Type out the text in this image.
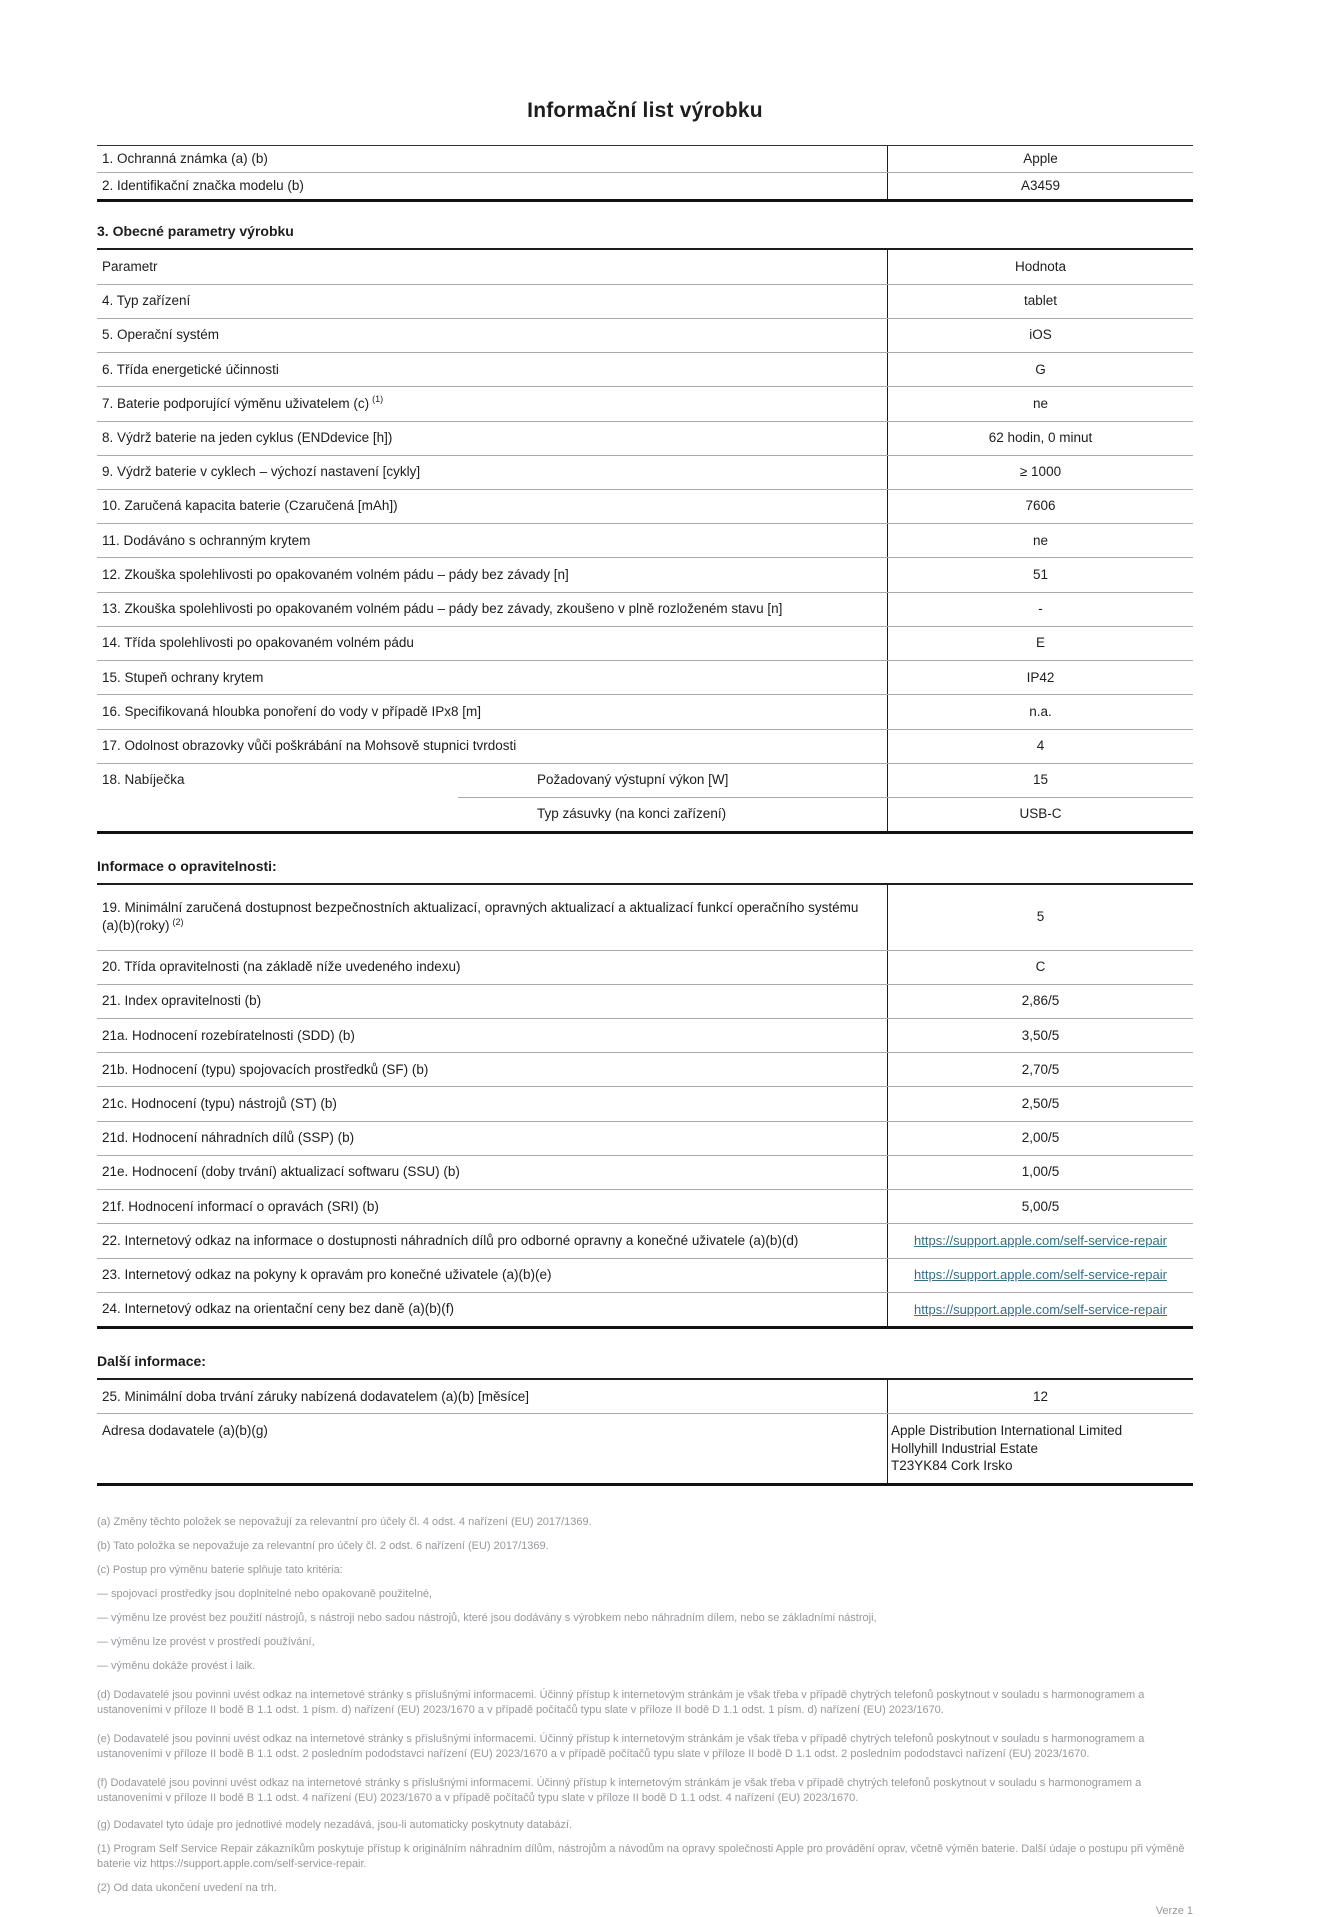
Informační list výrobku
1. Ochranná známka (a) (b)	Apple
2. Identifikační značka modelu (b)	A3459
3. Obecné parametry výrobku
Parametr	Hodnota
4. Typ zařízení	tablet
5. Operační systém	iOS
6. Třída energetické účinnosti	G
7. Baterie podporující výměnu uživatelem (c) $^{(1)}$	ne
8. Výdrž baterie na jeden cyklus (ENDdevice [h])	62 hodin, 0 minut
9. Výdrž baterie v cyklech – výchozí nastavení [cykly]	≥ 1000
10. Zaručená kapacita baterie (Czaručená [mAh])	7606
11. Dodáváno s ochranným krytem	ne
12. Zkouška spolehlivosti po opakovaném volném pádu – pády bez závady [n]	51
13. Zkouška spolehlivosti po opakovaném volném pádu – pády bez závady, zkoušeno v plně rozloženém stavu [n]	-
14. Třída spolehlivosti po opakovaném volném pádu	E
15. Stupeň ochrany krytem	IP42
16. Specifikovaná hloubka ponoření do vody v případě IPx8 [m]	n.a.
17. Odolnost obrazovky vůči poškrábání na Mohsově stupnici tvrdosti	4
18. Nabíječka	Požadovaný výstupní výkon [W]	15
Typ zásuvky (na konci zařízení)	USB-C
Informace o opravitelnosti:
19. Minimální zaručená dostupnost bezpečnostních aktualizací, opravných aktualizací a aktualizací funkcí operačního systému (a)(b)(roky) $^{(2)}$	5
20. Třída opravitelnosti (na základě níže uvedeného indexu)	C
21. Index opravitelnosti (b)	2,86/5
21a. Hodnocení rozebíratelnosti (SDD) (b)	3,50/5
21b. Hodnocení (typu) spojovacích prostředků (SF) (b)	2,70/5
21c. Hodnocení (typu) nástrojů (ST) (b)	2,50/5
21d. Hodnocení náhradních dílů (SSP) (b)	2,00/5
21e. Hodnocení (doby trvání) aktualizací softwaru (SSU) (b)	1,00/5
21f. Hodnocení informací o opravách (SRI) (b)	5,00/5
22. Internetový odkaz na informace o dostupnosti náhradních dílů pro odborné opravny a konečné uživatele (a)(b)(d)	https://support.apple.com/self-service-repair
23. Internetový odkaz na pokyny k opravám pro konečné uživatele (a)(b)(e)	https://support.apple.com/self-service-repair
24. Internetový odkaz na orientační ceny bez daně (a)(b)(f)	https://support.apple.com/self-service-repair
Další informace:
25. Minimální doba trvání záruky nabízená dodavatelem (a)(b) [měsíce]	12
Adresa dodavatele (a)(b)(g)	Apple Distribution International Limited
Hollyhill Industrial Estate
T23YK84 Cork Irsko
(a) Změny těchto položek se nepovažují za relevantní pro účely čl. 4 odst. 4 nařízení (EU) 2017/1369.
(b) Tato položka se nepovažuje za relevantní pro účely čl. 2 odst. 6 nařízení (EU) 2017/1369.
(c) Postup pro výměnu baterie splňuje tato kritéria:
— spojovací prostředky jsou doplnitelné nebo opakovaně použitelné,
— výměnu lze provést bez použití nástrojů, s nástroji nebo sadou nástrojů, které jsou dodávány s výrobkem nebo náhradním dílem, nebo se základními nástroji,
— výměnu lze provést v prostředí používání,
— výměnu dokáže provést i laik.
(d) Dodavatelé jsou povinni uvést odkaz na internetové stránky s příslušnými informacemi. Účinný přístup k internetovým stránkám je však třeba v případě chytrých telefonů poskytnout v souladu s harmonogramem a
ustanoveními v příloze II bodě B 1.1 odst. 1 písm. d) nařízení (EU) 2023/1670 a v případě počítačů typu slate v příloze II bodě D 1.1 odst. 1 písm. d) nařízení (EU) 2023/1670.
(e) Dodavatelé jsou povinni uvést odkaz na internetové stránky s příslušnými informacemi. Účinný přístup k internetovým stránkám je však třeba v případě chytrých telefonů poskytnout v souladu s harmonogramem a
ustanoveními v příloze II bodě B 1.1 odst. 2 posledním pododstavci nařízení (EU) 2023/1670 a v případě počítačů typu slate v příloze II bodě D 1.1 odst. 2 posledním pododstavci nařízení (EU) 2023/1670.
(f) Dodavatelé jsou povinni uvést odkaz na internetové stránky s příslušnými informacemi. Účinný přístup k internetovým stránkám je však třeba v případě chytrých telefonů poskytnout v souladu s harmonogramem a
ustanoveními v příloze II bodě B 1.1 odst. 4 nařízení (EU) 2023/1670 a v případě počítačů typu slate v příloze II bodě D 1.1 odst. 4 nařízení (EU) 2023/1670.
(g) Dodavatel tyto údaje pro jednotlivé modely nezadává, jsou-li automaticky poskytnuty databází.
(1) Program Self Service Repair zákazníkům poskytuje přístup k originálním náhradním dílům, nástrojům a návodům na opravy společnosti Apple pro provádění oprav, včetně výměn baterie. Další údaje o postupu při výměně
baterie viz https://support.apple.com/self-service-repair.
(2) Od data ukončení uvedení na trh.
Verze 1
